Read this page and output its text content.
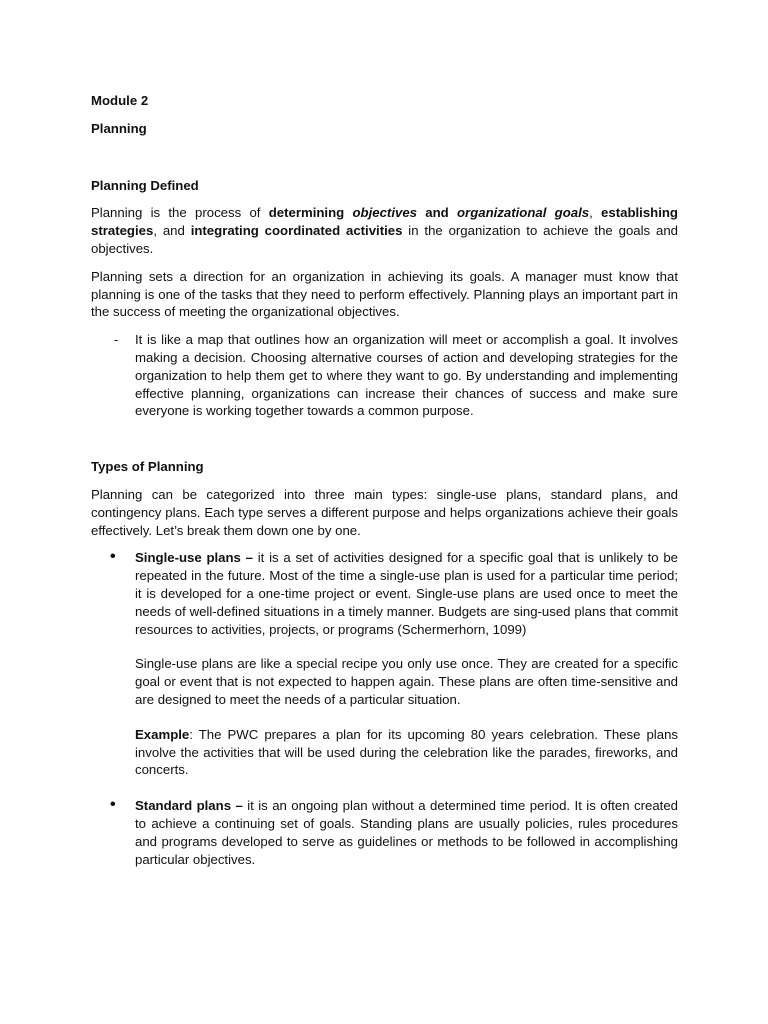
Module 2
Planning
Planning Defined

Planning is the process of determining objectives and organizational goals, establishing strategies, and integrating coordinated activities in the organization to achieve the goals and objectives.

Planning sets a direction for an organization in achieving its goals. A manager must know that planning is one of the tasks that they need to perform effectively. Planning plays an important part in the success of meeting the organizational objectives.

- It is like a map that outlines how an organization will meet or accomplish a goal. It involves making a decision. Choosing alternative courses of action and developing strategies for the organization to help them get to where they want to go. By understanding and implementing effective planning, organizations can increase their chances of success and make sure everyone is working together towards a common purpose.
Types of Planning

Planning can be categorized into three main types: single-use plans, standard plans, and contingency plans. Each type serves a different purpose and helps organizations achieve their goals effectively. Let’s break them down one by one.

• Single-use plans – it is a set of activities designed for a specific goal that is unlikely to be repeated in the future. Most of the time a single-use plan is used for a particular time period; it is developed for a one-time project or event. Single-use plans are used once to meet the needs of well-defined situations in a timely manner. Budgets are sing-used plans that commit resources to activities, projects, or programs (Schermerhorn, 1099)

Single-use plans are like a special recipe you only use once. They are created for a specific goal or event that is not expected to happen again. These plans are often time-sensitive and are designed to meet the needs of a particular situation.

Example: The PWC prepares a plan for its upcoming 80 years celebration. These plans involve the activities that will be used during the celebration like the parades, fireworks, and concerts.

• Standard plans – it is an ongoing plan without a determined time period. It is often created to achieve a continuing set of goals. Standing plans are usually policies, rules procedures and programs developed to serve as guidelines or methods to be followed in accomplishing particular objectives.
